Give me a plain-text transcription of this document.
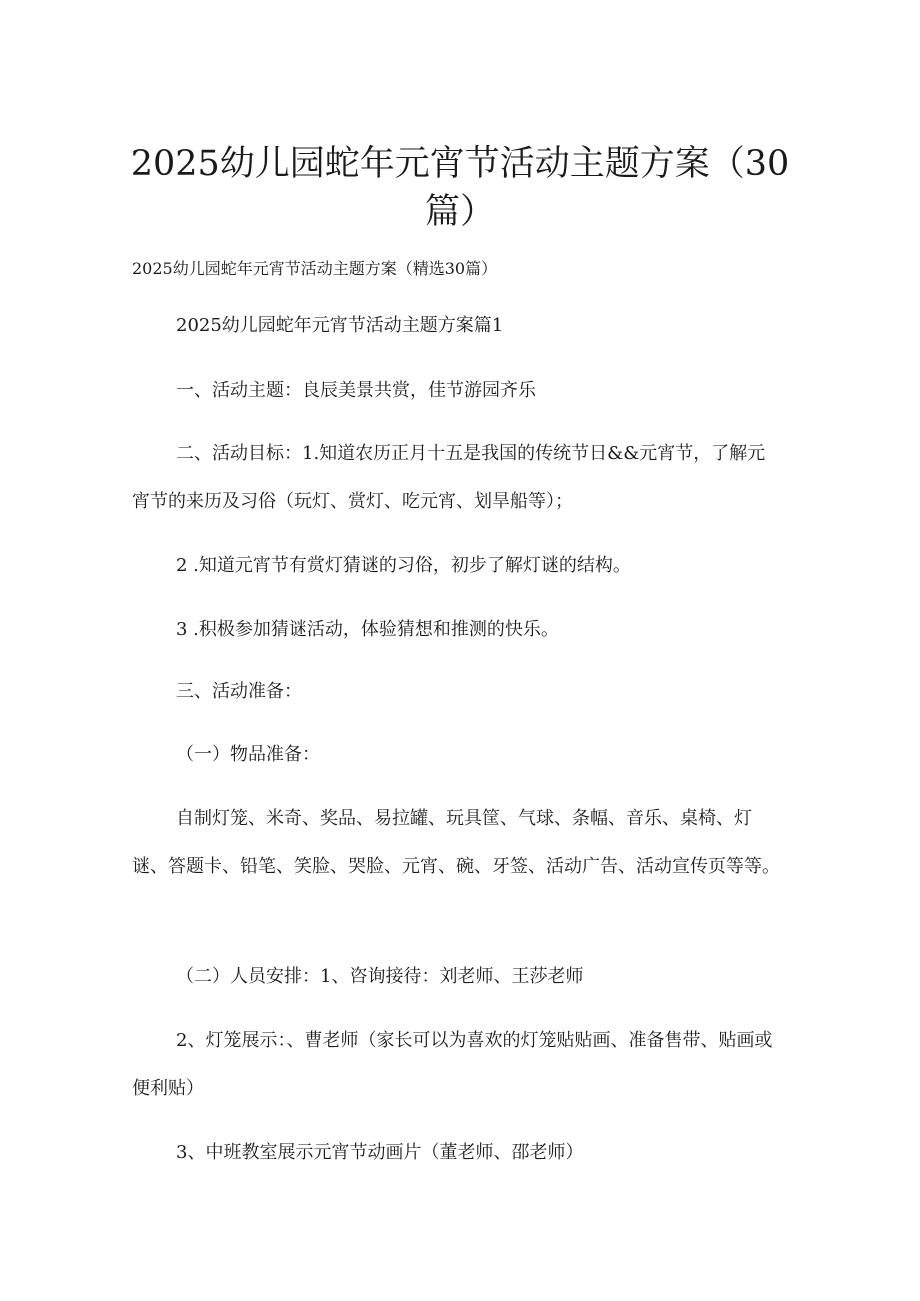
2025幼儿园蛇年元宵节活动主题方案（30篇）

2025幼儿园蛇年元宵节活动主题方案（精选30篇）

2025幼儿园蛇年元宵节活动主题方案篇1

一、活动主题：良辰美景共赏，佳节游园齐乐

二、活动目标：1.知道农历正月十五是我国的传统节日&&元宵节，了解元宵节的来历及习俗（玩灯、赏灯、吃元宵、划旱船等）；

2 .知道元宵节有赏灯猜谜的习俗，初步了解灯谜的结构。

3 .积极参加猜谜活动，体验猜想和推测的快乐。

三、活动准备：

（一）物品准备：

自制灯笼、米奇、奖品、易拉罐、玩具筐、气球、条幅、音乐、桌椅、灯谜、答题卡、铅笔、笑脸、哭脸、元宵、碗、牙签、活动广告、活动宣传页等等。

（二）人员安排：1、咨询接待：刘老师、王莎老师

2、灯笼展示：、曹老师（家长可以为喜欢的灯笼贴贴画、准备售带、贴画或便利贴）

3、中班教室展示元宵节动画片（董老师、邵老师）
